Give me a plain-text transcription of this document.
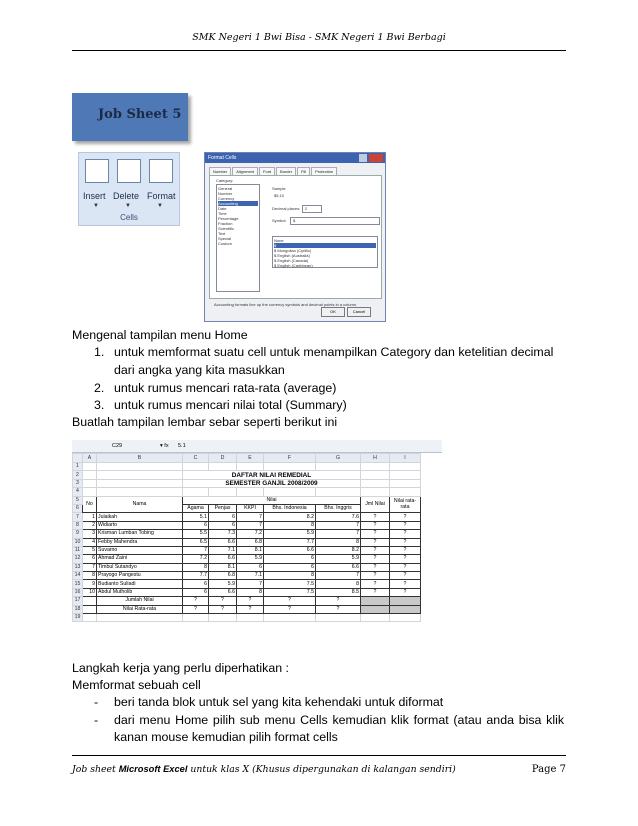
SMK Negeri 1 Bwi Bisa - SMK Negeri 1 Bwi Berbagi
Job Sheet 5
Insert Delete Format
▼	▼	▼
Cells
Format Cells
Number Alignment Font Border Fill Protection
Category:
General
Number
Currency
Accounting
Date
Time
Percentage
Fraction
Scientific
Text
Special
Custom
Sample
$5.10
Decimal places: 2
Symbol: $
None
$
$ Mongolian (Cyrillic)
$ English (Australia)
$ English (Canada)
$ English (Caribbean)
Accounting formats line up the currency symbols and decimal points in a column.
OK	Cancel
Mengenal tampilan menu Home
1. untuk memformat suatu cell untuk menampilkan Category dan ketelitian decimal
dari angka yang kita masukkan
2. untuk rumus mencari rata-rata (average)
3. untuk rumus mencari nilai total (Summary)
Buatlah tampilan lembar sebar seperti berikut ini
C29	▾ fx 5.1
	A	B	C	D	E	F	G	H	I
1									
2			DAFTAR NILAI REMEDIAL						
3			SEMESTER GANJIL 2008/2009						
4									
5	No	Nama	Nilai					Jml Nilai	Nilai rata-rata
6			Agama	Penjas	KKPI	Bhs. Indonesia	Bhs. Inggris		
7	1	Julaikah	5.1	6	7	8.2	7.6	?	?
8	2	Widiarto	6	6	7	8	7	?	?
9	3	Krisman Lumban Tobing	5.5	7.3	7.2	5.9	7	?	?
10	4	Febby Mahendra	6.5	6.6	6.8	7.7	8	?	?
11	5	Suvarno	7	7.1	8.1	6.6	8.2	?	?
12	6	Ahmad Zaini	7.2	6.6	5.9	6	5.9	?	?
13	7	Timbul Sutandyo	8	8.1	6	6	6.6	?	?
14	8	Prayogo Pangestu	7.7	6.8	7.1	8	7	?	?
15	9	Budianto Suliadi	6	5.9	7	7.5	8	?	?
16	10	Abdul Mutholib	6	6.6	8	7.5	8.5	?	?
17		Jumlah Nilai	?	?	?	?	?		
18		Nilai Rata-rata	?	?	?	?	?		
19									
Langkah kerja yang perlu diperhatikan :
Memformat sebuah cell
- beri tanda blok untuk sel yang kita kehendaki untuk diformat
- dari menu Home pilih sub menu Cells kemudian klik format (atau anda bisa klik
kanan mouse kemudian pilih format cells
Job sheet Microsoft Excel untuk klas X (Khusus dipergunakan di kalangan sendiri)	Page 7
